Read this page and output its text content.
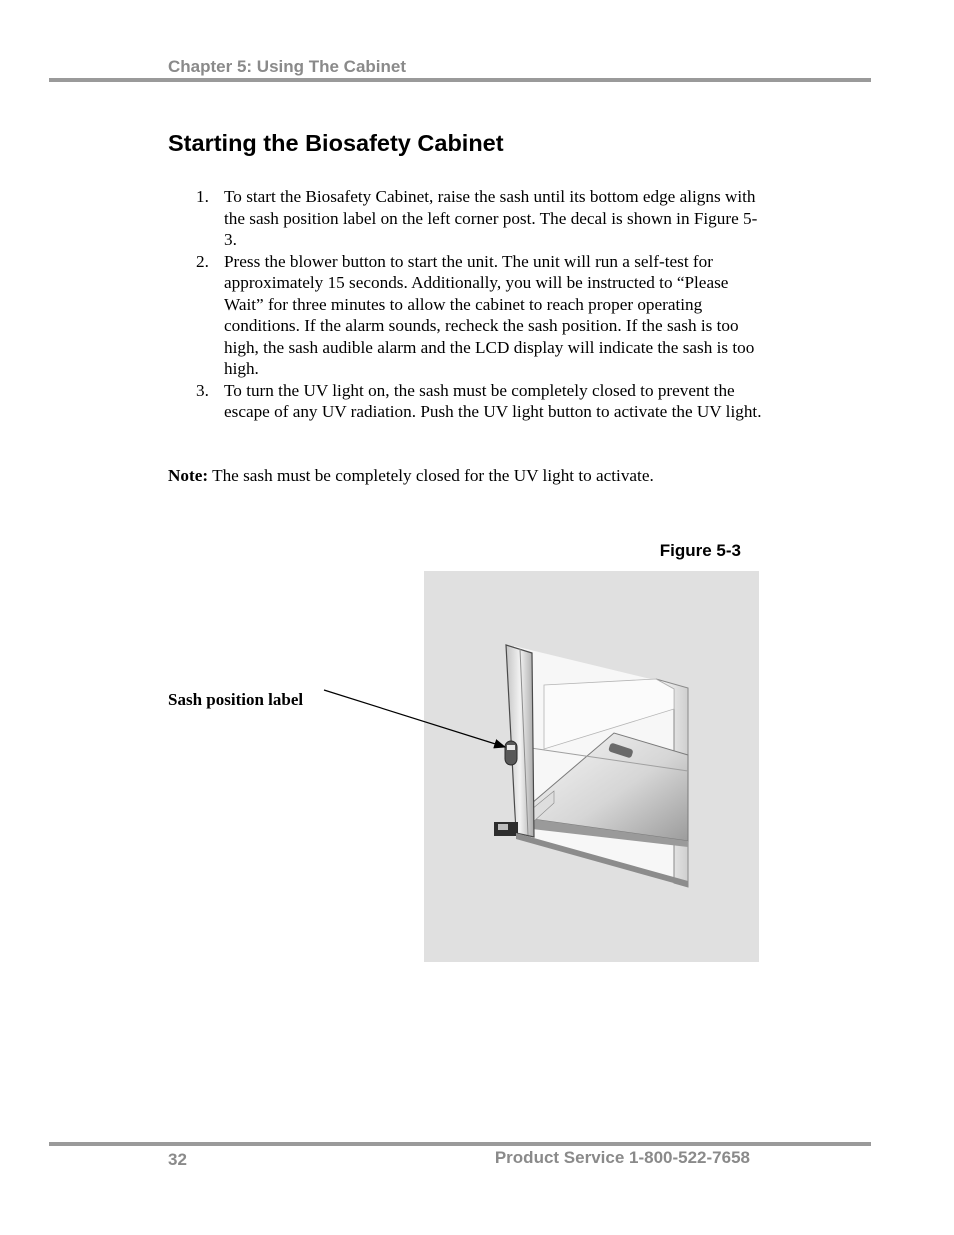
Chapter 5: Using The Cabinet
Starting the Biosafety Cabinet
1. To start the Biosafety Cabinet, raise the sash until its bottom edge aligns with the sash position label on the left corner post. The decal is shown in Figure 5-3.
2. Press the blower button to start the unit. The unit will run a self-test for approximately 15 seconds. Additionally, you will be instructed to “Please Wait” for three minutes to allow the cabinet to reach proper operating conditions. If the alarm sounds, recheck the sash position. If the sash is too high, the sash audible alarm and the LCD display will indicate the sash is too high.
3. To turn the UV light on, the sash must be completely closed to prevent the escape of any UV radiation. Push the UV light button to activate the UV light.

Note: The sash must be completely closed for the UV light to activate.

Figure 5-3
Sash position label
32	Product Service 1-800-522-7658
